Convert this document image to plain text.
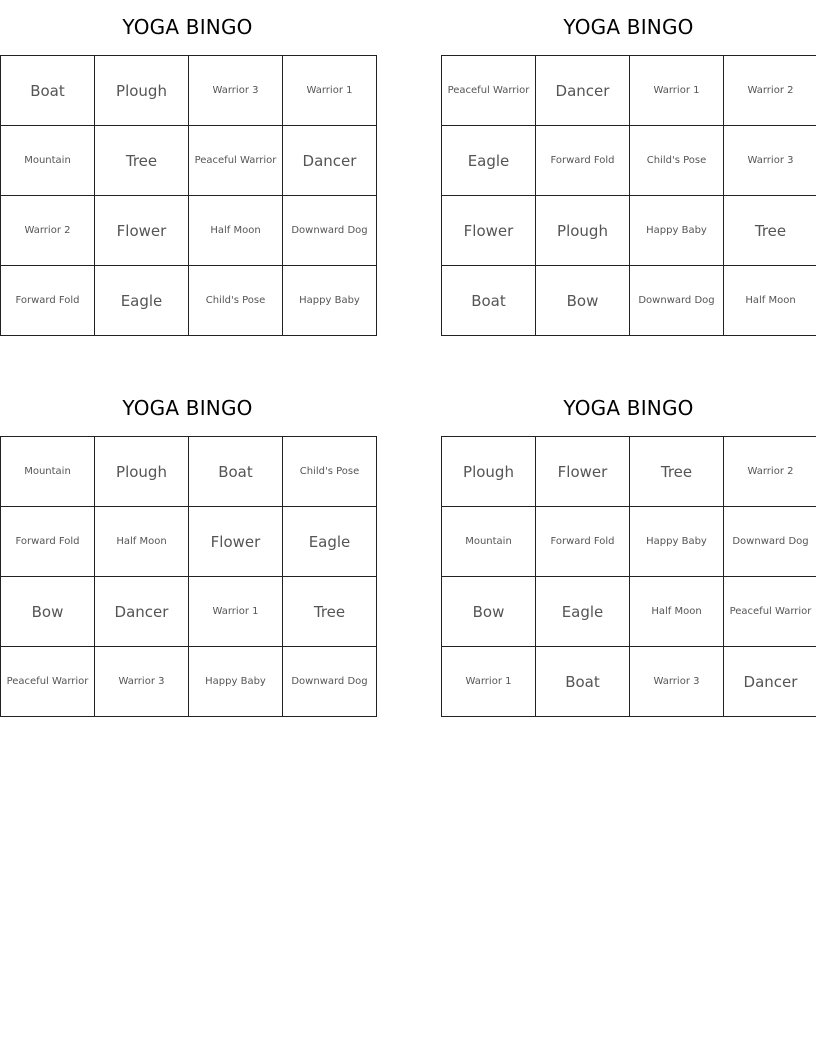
YOGA BINGO
Boat	Plough	Warrior 3	Warrior 1
Mountain	Tree	Peaceful Warrior	Dancer
Warrior 2	Flower	Half Moon	Downward Dog
Forward Fold	Eagle	Child's Pose	Happy Baby
YOGA BINGO
Peaceful Warrior	Dancer	Warrior 1	Warrior 2
Eagle	Forward Fold	Child's Pose	Warrior 3
Flower	Plough	Happy Baby	Tree
Boat	Bow	Downward Dog	Half Moon
YOGA BINGO
Mountain	Plough	Boat	Child's Pose
Forward Fold	Half Moon	Flower	Eagle
Bow	Dancer	Warrior 1	Tree
Peaceful Warrior	Warrior 3	Happy Baby	Downward Dog
YOGA BINGO
Plough	Flower	Tree	Warrior 2
Mountain	Forward Fold	Happy Baby	Downward Dog
Bow	Eagle	Half Moon	Peaceful Warrior
Warrior 1	Boat	Warrior 3	Dancer
